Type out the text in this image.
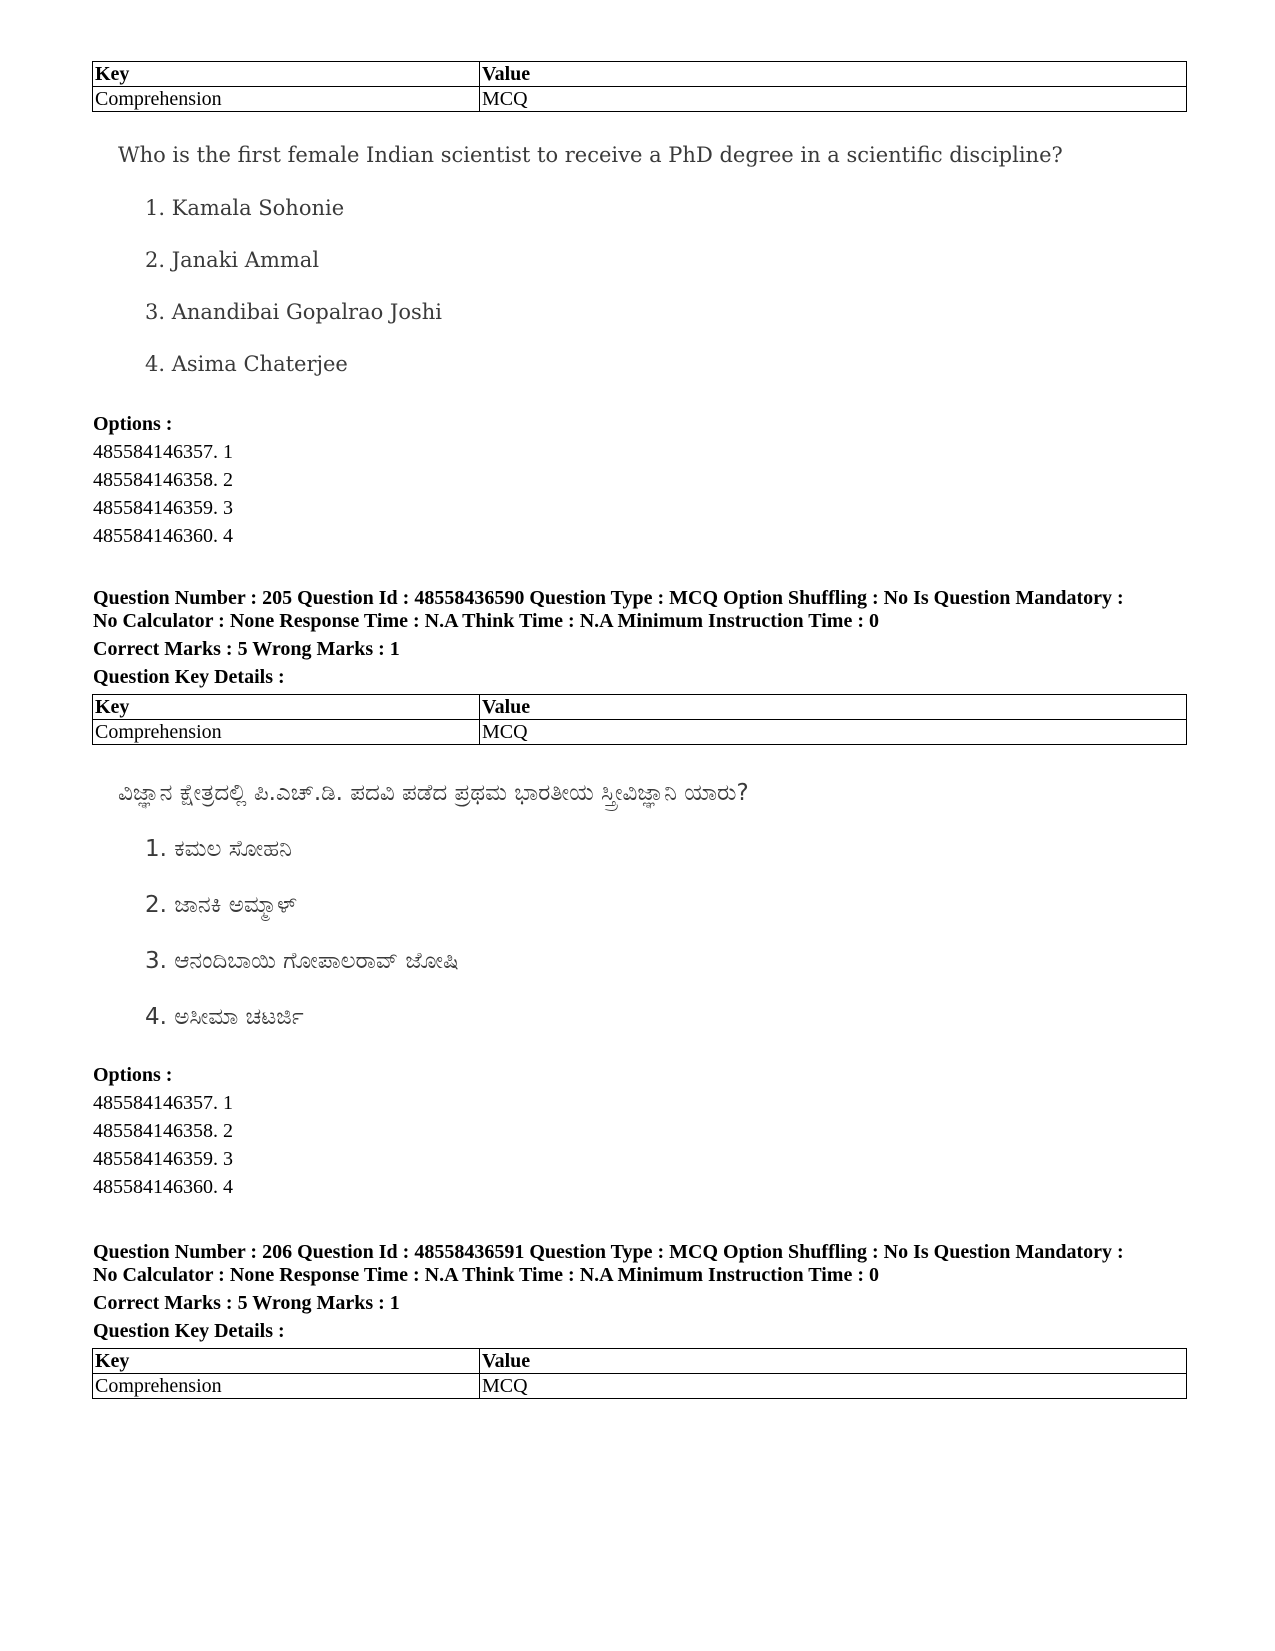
Key	Value
Comprehension	MCQ
Who is the first female Indian scientist to receive a PhD degree in a scientific discipline?
1. Kamala Sohonie
2. Janaki Ammal
3. Anandibai Gopalrao Joshi
4. Asima Chaterjee
Options :
485584146357. 1
485584146358. 2
485584146359. 3
485584146360. 4
Question Number : 205 Question Id : 48558436590 Question Type : MCQ Option Shuffling : No Is Question Mandatory :
No Calculator : None Response Time : N.A Think Time : N.A Minimum Instruction Time : 0
Correct Marks : 5 Wrong Marks : 1
Question Key Details :
Key	Value
Comprehension	MCQ
ವಿಜ್ಞಾನ ಕ್ಷೇತ್ರದಲ್ಲಿ ಪಿ.ಎಚ್.ಡಿ. ಪದವಿ ಪಡೆದ ಪ್ರಥಮ ಭಾರತೀಯ ಸ್ತ್ರೀವಿಜ್ಞಾನಿ ಯಾರು?
1. ಕಮಲ ಸೋಹನಿ
2. ಜಾನಕಿ ಅಮ್ಮಾಳ್
3. ಆನಂದಿಬಾಯಿ ಗೋಪಾಲರಾವ್ ಜೋಷಿ
4. ಅಸೀಮಾ ಚಟರ್ಜಿ
Options :
485584146357. 1
485584146358. 2
485584146359. 3
485584146360. 4
Question Number : 206 Question Id : 48558436591 Question Type : MCQ Option Shuffling : No Is Question Mandatory :
No Calculator : None Response Time : N.A Think Time : N.A Minimum Instruction Time : 0
Correct Marks : 5 Wrong Marks : 1
Question Key Details :
Key	Value
Comprehension	MCQ
